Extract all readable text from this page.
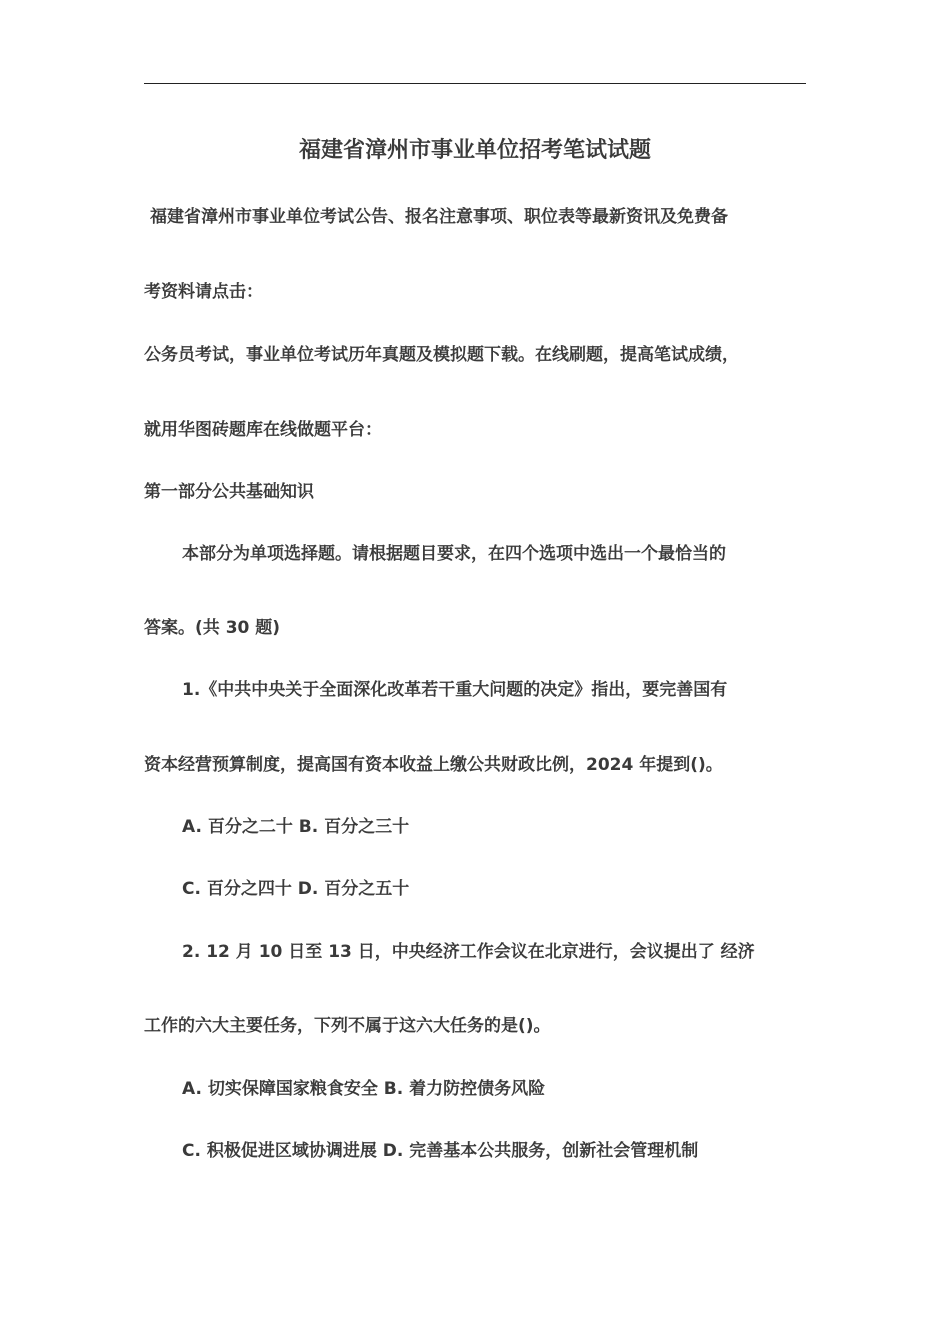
福建省漳州市事业单位招考笔试试题
福建省漳州市事业单位考试公告、报名注意事项、职位表等最新资讯及免费备
考资料请点击：
公务员考试，事业单位考试历年真题及模拟题下载。在线刷题，提高笔试成绩，
就用华图砖题库在线做题平台：
第一部分公共基础知识
本部分为单项选择题。请根据题目要求，在四个选项中选出一个最恰当的
答案。(共 30 题)
1.《中共中央关于全面深化改革若干重大问题的决定》指出，要完善国有
资本经营预算制度，提高国有资本收益上缴公共财政比例，2024 年提到()。
A. 百分之二十 B. 百分之三十
C. 百分之四十 D. 百分之五十
2. 12 月 10 日至 13 日，中央经济工作会议在北京进行，会议提出了 经济
工作的六大主要任务，下列不属于这六大任务的是()。
A. 切实保障国家粮食安全 B. 着力防控债务风险
C. 积极促进区域协调进展 D. 完善基本公共服务，创新社会管理机制
